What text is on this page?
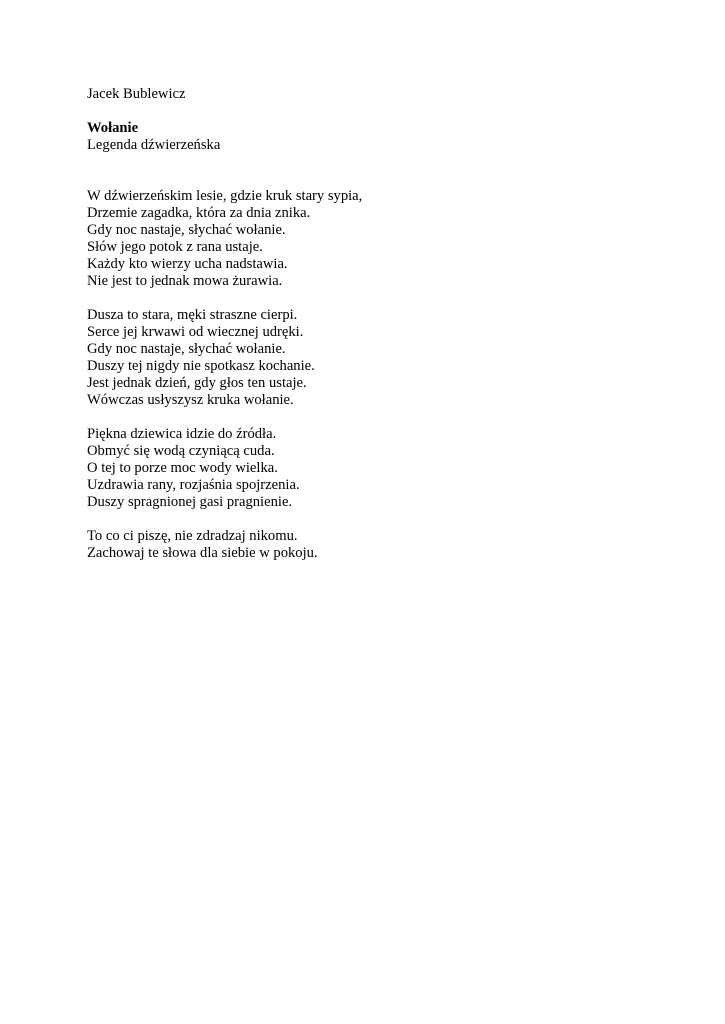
Jacek Bublewicz
Wołanie
Legenda dźwierzeńska
W dźwierzeńskim lesie, gdzie kruk stary sypia,
Drzemie zagadka, która za dnia znika.
Gdy noc nastaje, słychać wołanie.
Słów jego potok z rana ustaje.
Każdy kto wierzy ucha nadstawia.
Nie jest to jednak mowa żurawia.
Dusza to stara, męki straszne cierpi.
Serce jej krwawi od wiecznej udręki.
Gdy noc nastaje, słychać wołanie.
Duszy tej nigdy nie spotkasz kochanie.
Jest jednak dzień, gdy głos ten ustaje.
Wówczas usłyszysz kruka wołanie.
Piękna dziewica idzie do źródła.
Obmyć się wodą czyniącą cuda.
O tej to porze moc wody wielka.
Uzdrawia rany, rozjaśnia spojrzenia.
Duszy spragnionej gasi pragnienie.
To co ci piszę, nie zdradzaj nikomu.
Zachowaj te słowa dla siebie w pokoju.
